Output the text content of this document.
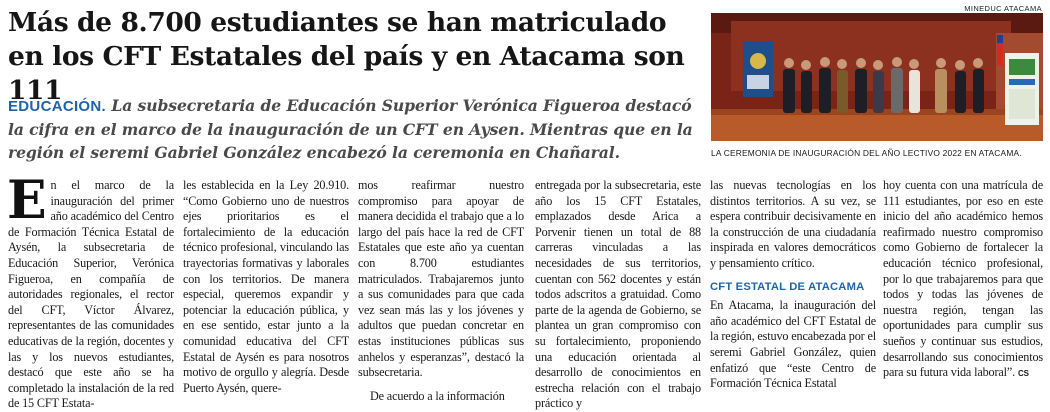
Más de 8.700 estudiantes se han matriculado en los CFT Estatales del país y en Atacama son 111

EDUCACIÓN. La subsecretaria de Educación Superior Verónica Figueroa destacó la cifra en el marco de la inauguración de un CFT en Aysen. Mientras que en la región el seremi Gabriel González encabezó la ceremonia en Chañaral.

MINEDUC ATACAMA
LA CEREMONIA DE INAUGURACIÓN DEL AÑO LECTIVO 2022 EN ATACAMA.

En el marco de la inauguración del primer año académico del Centro de Formación Técnica Estatal de Aysén, la subsecretaria de Educación Superior, Verónica Figueroa, en compañía de autoridades regionales, el rector del CFT, Víctor Álvarez, representantes de las comunidades educativas de la región, docentes y las y los nuevos estudiantes, destacó que este año se ha completado la instalación de la red de 15 CFT Estata-

les establecida en la Ley 20.910. “Como Gobierno uno de nuestros ejes prioritarios es el fortalecimiento de la educación técnico profesional, vinculando las trayectorias formativas y laborales con los territorios. De manera especial, queremos expandir y potenciar la educación pública, y en ese sentido, estar junto a la comunidad educativa del CFT Estatal de Aysén es para nosotros motivo de orgullo y alegría. Desde Puerto Aysén, quere-

mos reafirmar nuestro compromiso para apoyar de manera decidida el trabajo que a lo largo del país hace la red de CFT Estatales que este año ya cuentan con 8.700 estudiantes matriculados. Trabajaremos junto a sus comunidades para que cada vez sean más las y los jóvenes y adultos que puedan concretar en estas instituciones públicas sus anhelos y esperanzas”, destacó la subsecretaria.

De acuerdo a la información

entregada por la subsecretaria, este año los 15 CFT Estatales, emplazados desde Arica a Porvenir tienen un total de 88 carreras vinculadas a las necesidades de sus territorios, cuentan con 562 docentes y están todos adscritos a gratuidad. Como parte de la agenda de Gobierno, se plantea un gran compromiso con su fortalecimiento, proponiendo una educación orientada al desarrollo de conocimientos en estrecha relación con el trabajo práctico y

las nuevas tecnologías en los distintos territorios. A su vez, se espera contribuir decisivamente en la construcción de una ciudadanía inspirada en valores democráticos y pensamiento crítico.

CFT ESTATAL DE ATACAMA

En Atacama, la inauguración del año académico del CFT Estatal de la región, estuvo encabezada por el seremi Gabriel González, quien enfatizó que “este Centro de Formación Técnica Estatal

hoy cuenta con una matrícula de 111 estudiantes, por eso en este inicio del año académico hemos reafirmado nuestro compromiso como Gobierno de fortalecer la educación técnico profesional, por lo que trabajaremos para que todos y todas las jóvenes de nuestra región, tengan las oportunidades para cumplir sus sueños y continuar sus estudios, desarrollando sus conocimientos para su futura vida laboral”. CS
